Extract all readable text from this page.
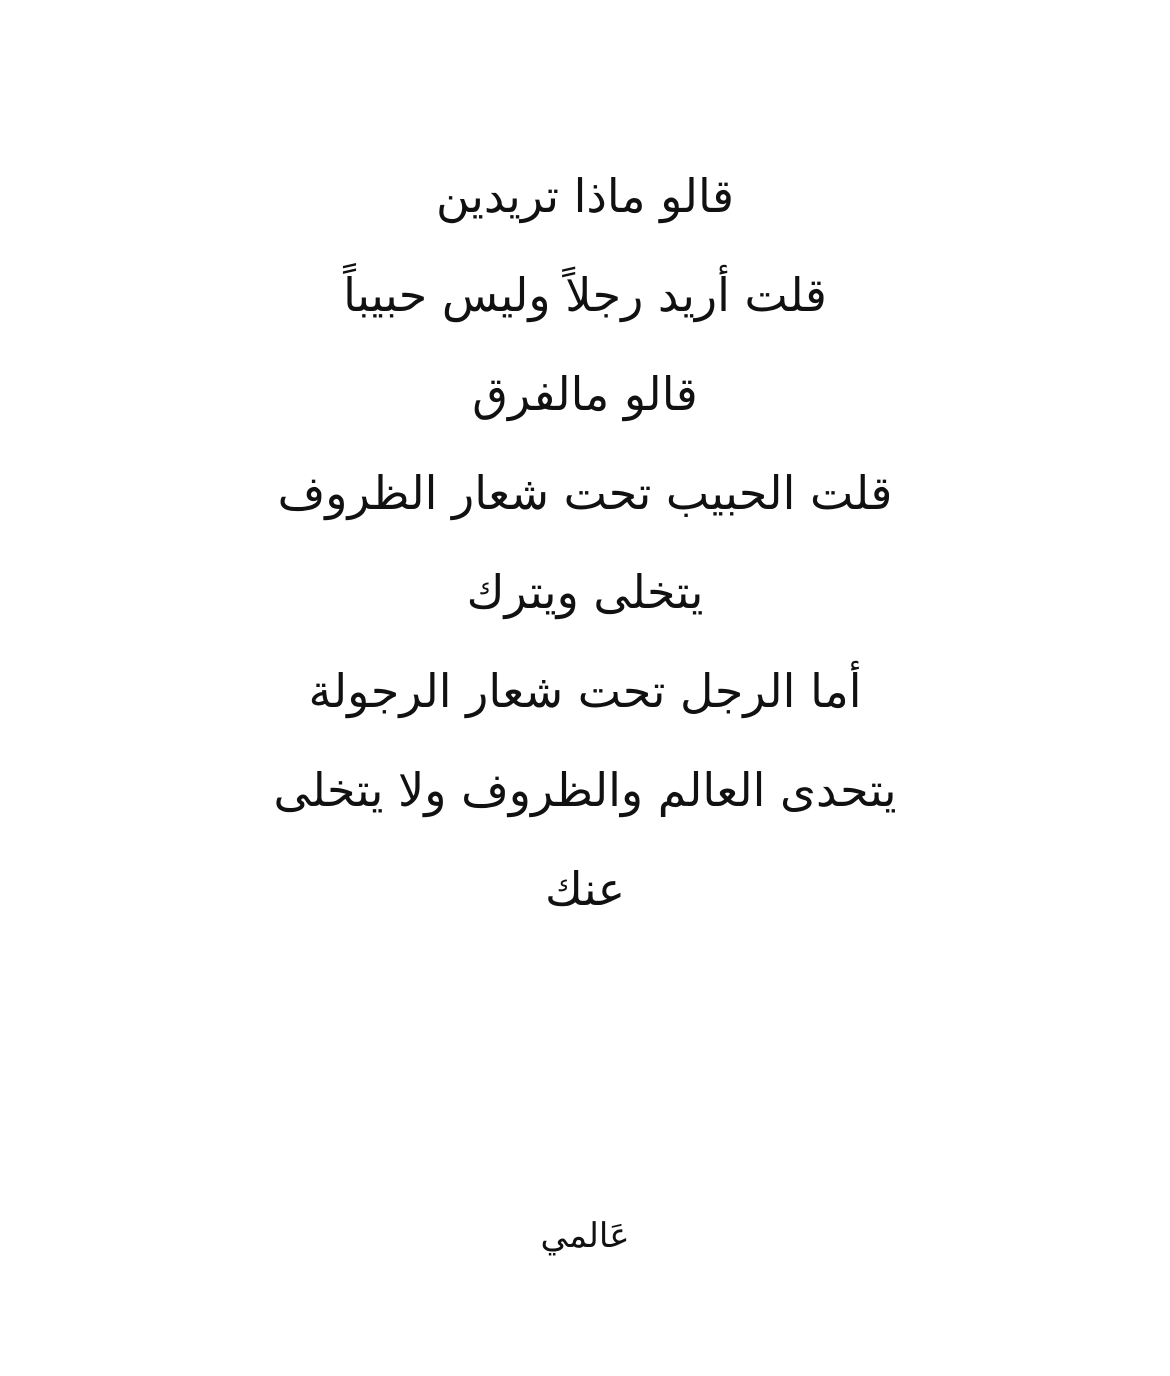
قالو ماذا تريدين
قلت أريد رجلاً وليس حبيباً
قالو مالفرق
قلت الحبيب تحت شعار الظروف
يتخلى ويترك
أما الرجل تحت شعار الرجولة
يتحدى العالم والظروف ولا يتخلى
عنك
عَالمي
